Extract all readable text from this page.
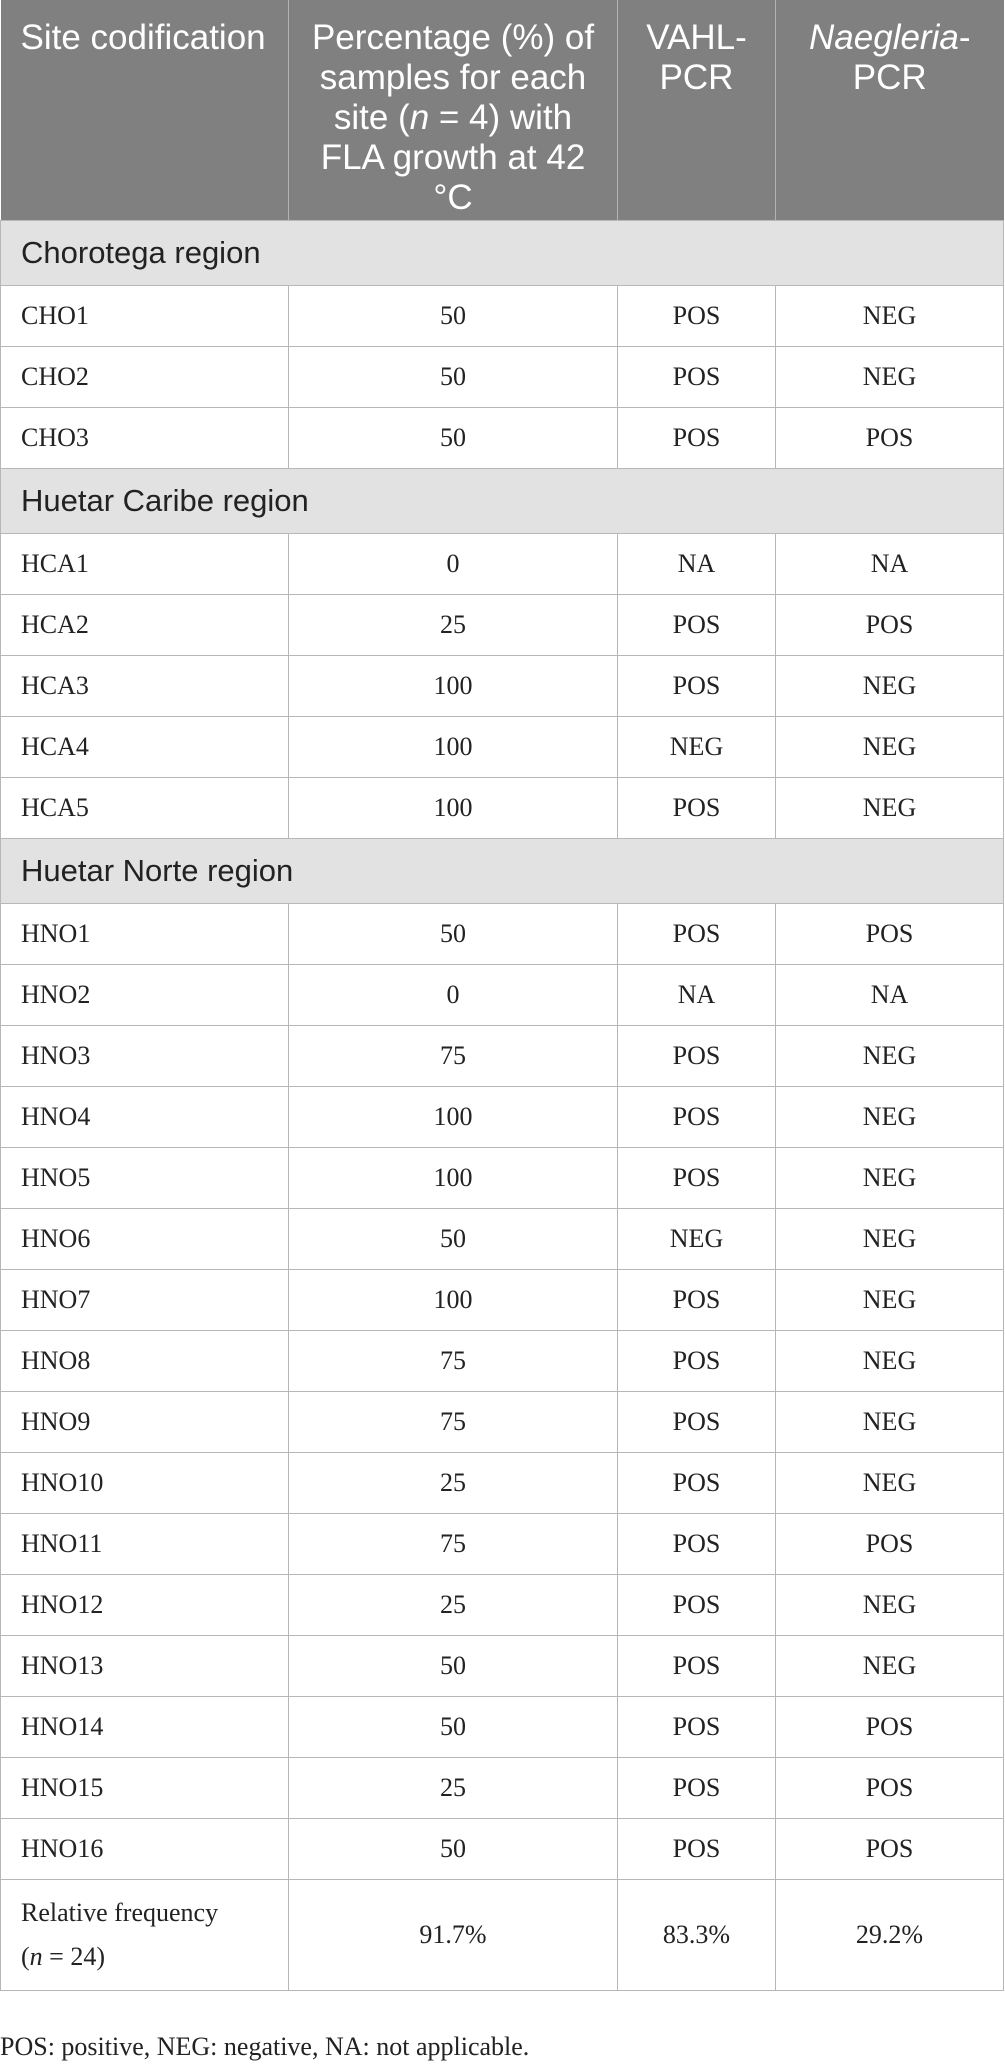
Site codification	Percentage (%) of samples for each site (n = 4) with FLA growth at 42 °C	VAHL-PCR	Naegleria-PCR
Chorotega region			
CHO1	50	POS	NEG
CHO2	50	POS	NEG
CHO3	50	POS	POS
Huetar Caribe region			
HCA1	0	NA	NA
HCA2	25	POS	POS
HCA3	100	POS	NEG
HCA4	100	NEG	NEG
HCA5	100	POS	NEG
Huetar Norte region			
HNO1	50	POS	POS
HNO2	0	NA	NA
HNO3	75	POS	NEG
HNO4	100	POS	NEG
HNO5	100	POS	NEG
HNO6	50	NEG	NEG
HNO7	100	POS	NEG
HNO8	75	POS	NEG
HNO9	75	POS	NEG
HNO10	25	POS	NEG
HNO11	75	POS	POS
HNO12	25	POS	NEG
HNO13	50	POS	NEG
HNO14	50	POS	POS
HNO15	25	POS	POS
HNO16	50	POS	POS
Relative frequency
(n = 24)	91.7%	83.3%	29.2%
POS: positive, NEG: negative, NA: not applicable.
